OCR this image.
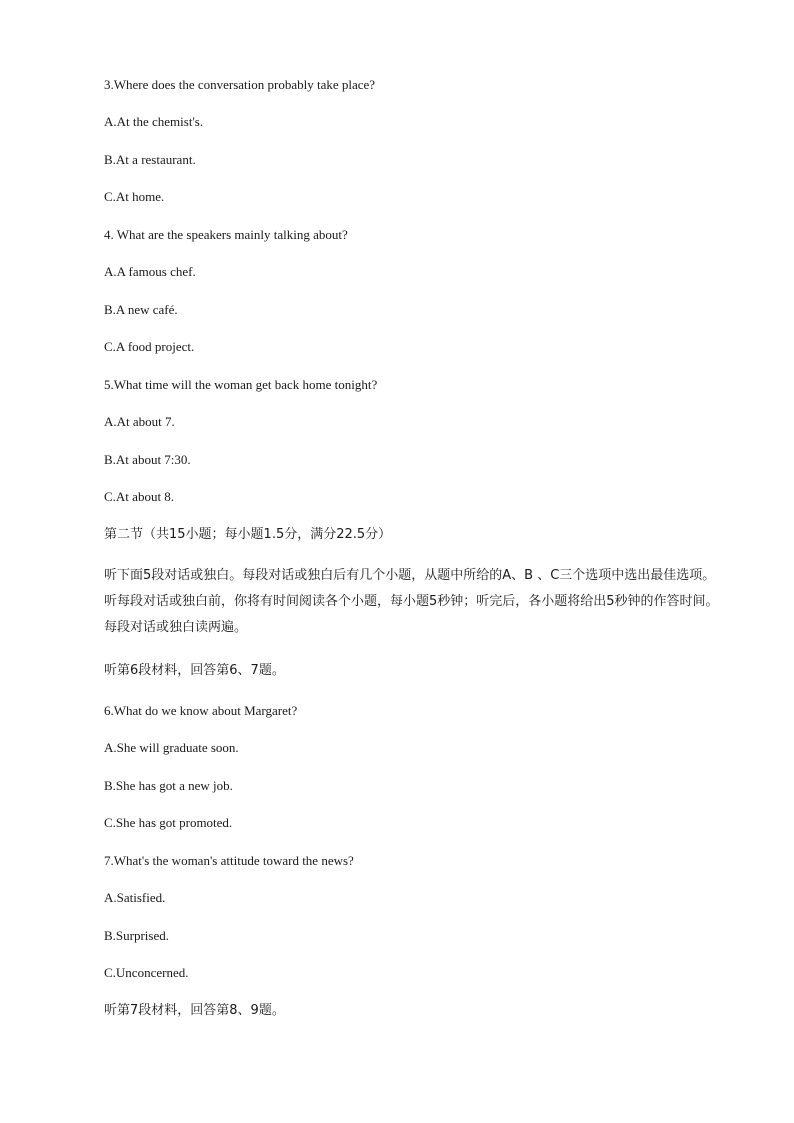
3.Where does the conversation probably take place?
A.At the chemist's.
B.At a restaurant.
C.At home.
4. What are the speakers mainly talking about?
A.A famous chef.
B.A new café.
C.A food project.
5.What time will the woman get back home tonight?
A.At about 7.
B.At about 7:30.
C.At about 8.
第二节（共15小题；每小题1.5分，满分22.5分）
听下面5段对话或独白。每段对话或独白后有几个小题，从题中所给的A、B 、C三个选项中选出最佳选项。听每段对话或独白前，你将有时间阅读各个小题，每小题5秒钟；听完后，各小题将给出5秒钟的作答时间。每段对话或独白读两遍。
听第6段材料，回答第6、7题。
6.What do we know about Margaret?
A.She will graduate soon.
B.She has got a new job.
C.She has got promoted.
7.What's the woman's attitude toward the news?
A.Satisfied.
B.Surprised.
C.Unconcerned.
听第7段材料，回答第8、9题。
